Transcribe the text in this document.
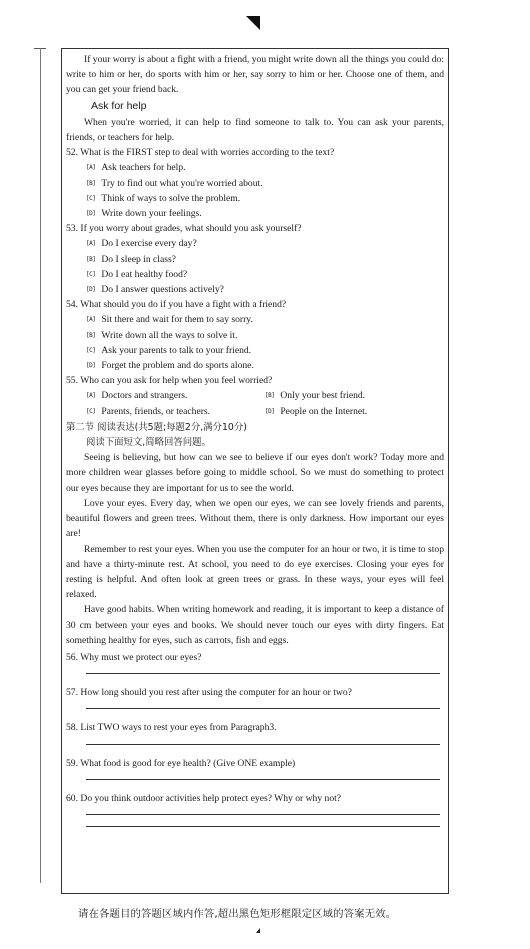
If your worry is about a fight with a friend, you might write down all the things you could do: write to him or her, do sports with him or her, say sorry to him or her. Choose one of them, and you can get your friend back.

Ask for help

When you're worried, it can help to find someone to talk to. You can ask your parents, friends, or teachers for help.

52. What is the FIRST step to deal with worries according to the text?
[A] Ask teachers for help.
[B] Try to find out what you're worried about.
[C] Think of ways to solve the problem.
[D] Write down your feelings.
53. If you worry about grades, what should you ask yourself?
[A] Do I exercise every day?
[B] Do I sleep in class?
[C] Do I eat healthy food?
[D] Do I answer questions actively?
54. What should you do if you have a fight with a friend?
[A] Sit there and wait for them to say sorry.
[B] Write down all the ways to solve it.
[C] Ask your parents to talk to your friend.
[D] Forget the problem and do sports alone.
55. Who can you ask for help when you feel worried?
[A] Doctors and strangers.	[B] Only your best friend.
[C] Parents, friends, or teachers.	[D] People on the Internet.
第二节 阅读表达(共5题;每题2分,满分10分)
阅读下面短文,简略回答问题。

Seeing is believing, but how can we see to believe if our eyes don't work? Today more and more children wear glasses before going to middle school. So we must do something to protect our eyes because they are important for us to see the world.

Love your eyes. Every day, when we open our eyes, we can see lovely friends and parents, beautiful flowers and green trees. Without them, there is only darkness. How important our eyes are!

Remember to rest your eyes. When you use the computer for an hour or two, it is time to stop and have a thirty-minute rest. At school, you need to do eye exercises. Closing your eyes for resting is helpful. And often look at green trees or grass. In these ways, your eyes will feel relaxed.

Have good habits. When writing homework and reading, it is important to keep a distance of 30 cm between your eyes and books. We should never touch our eyes with dirty fingers. Eat something healthy for eyes, such as carrots, fish and eggs.

56. Why must we protect our eyes?
57. How long should you rest after using the computer for an hour or two?
58. List TWO ways to rest your eyes from Paragraph3.
59. What food is good for eye health? (Give ONE example)
60. Do you think outdoor activities help protect eyes? Why or why not?
请在各题目的答题区域内作答,超出黑色矩形框限定区域的答案无效。
